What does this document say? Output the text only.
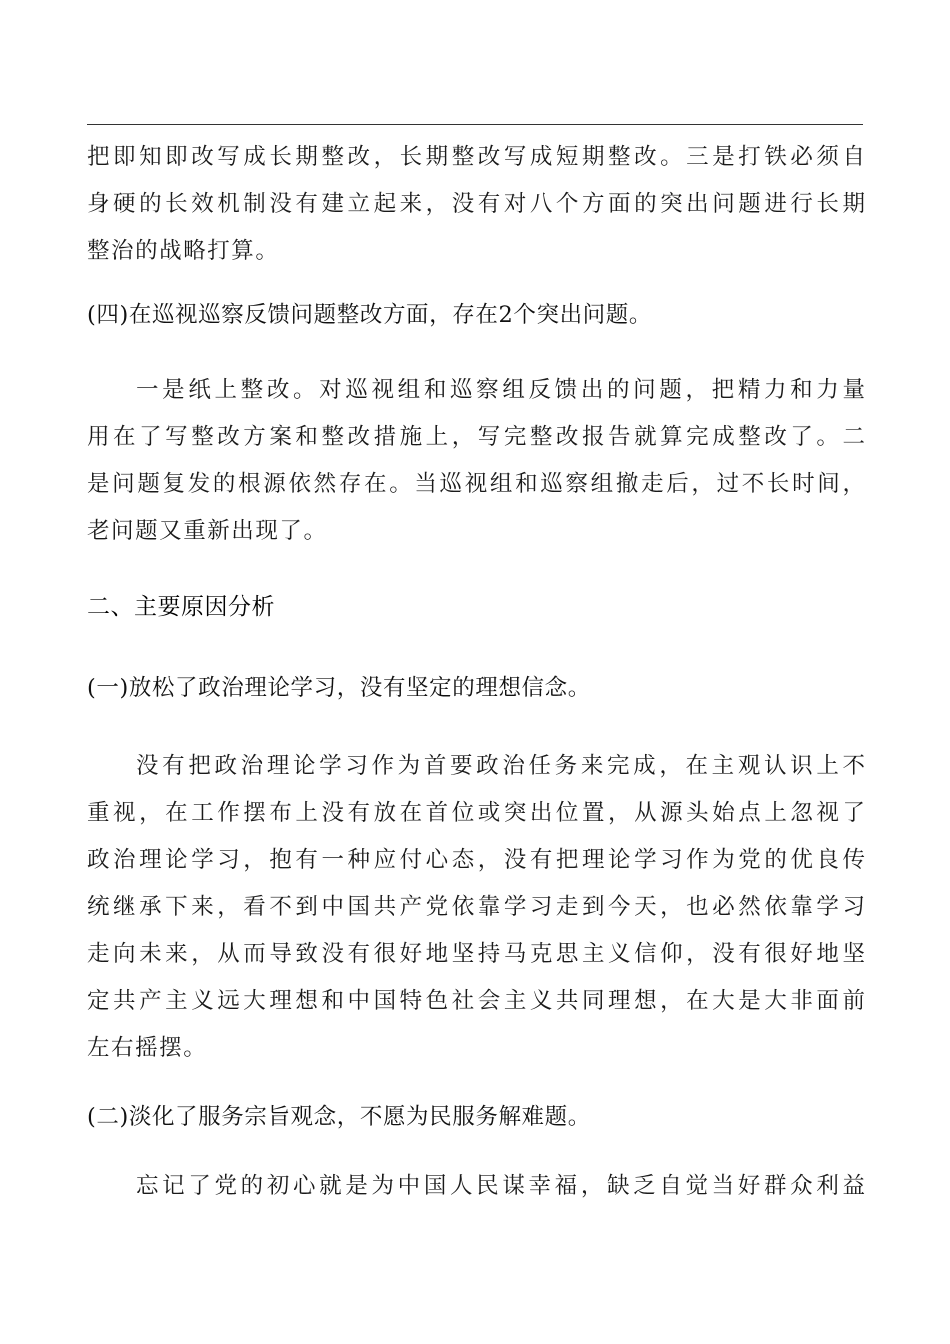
把即知即改写成长期整改，长期整改写成短期整改。三是打铁必须自
身硬的长效机制没有建立起来，没有对八个方面的突出问题进行长期
整治的战略打算。
(四)在巡视巡察反馈问题整改方面，存在2个突出问题。
一是纸上整改。对巡视组和巡察组反馈出的问题，把精力和力量
用在了写整改方案和整改措施上，写完整改报告就算完成整改了。二
是问题复发的根源依然存在。当巡视组和巡察组撤走后，过不长时间，
老问题又重新出现了。
二、主要原因分析
(一)放松了政治理论学习，没有坚定的理想信念。
没有把政治理论学习作为首要政治任务来完成，在主观认识上不
重视，在工作摆布上没有放在首位或突出位置，从源头始点上忽视了
政治理论学习，抱有一种应付心态，没有把理论学习作为党的优良传
统继承下来，看不到中国共产党依靠学习走到今天，也必然依靠学习
走向未来，从而导致没有很好地坚持马克思主义信仰，没有很好地坚
定共产主义远大理想和中国特色社会主义共同理想，在大是大非面前
左右摇摆。
(二)淡化了服务宗旨观念，不愿为民服务解难题。
忘记了党的初心就是为中国人民谋幸福，缺乏自觉当好群众利益
